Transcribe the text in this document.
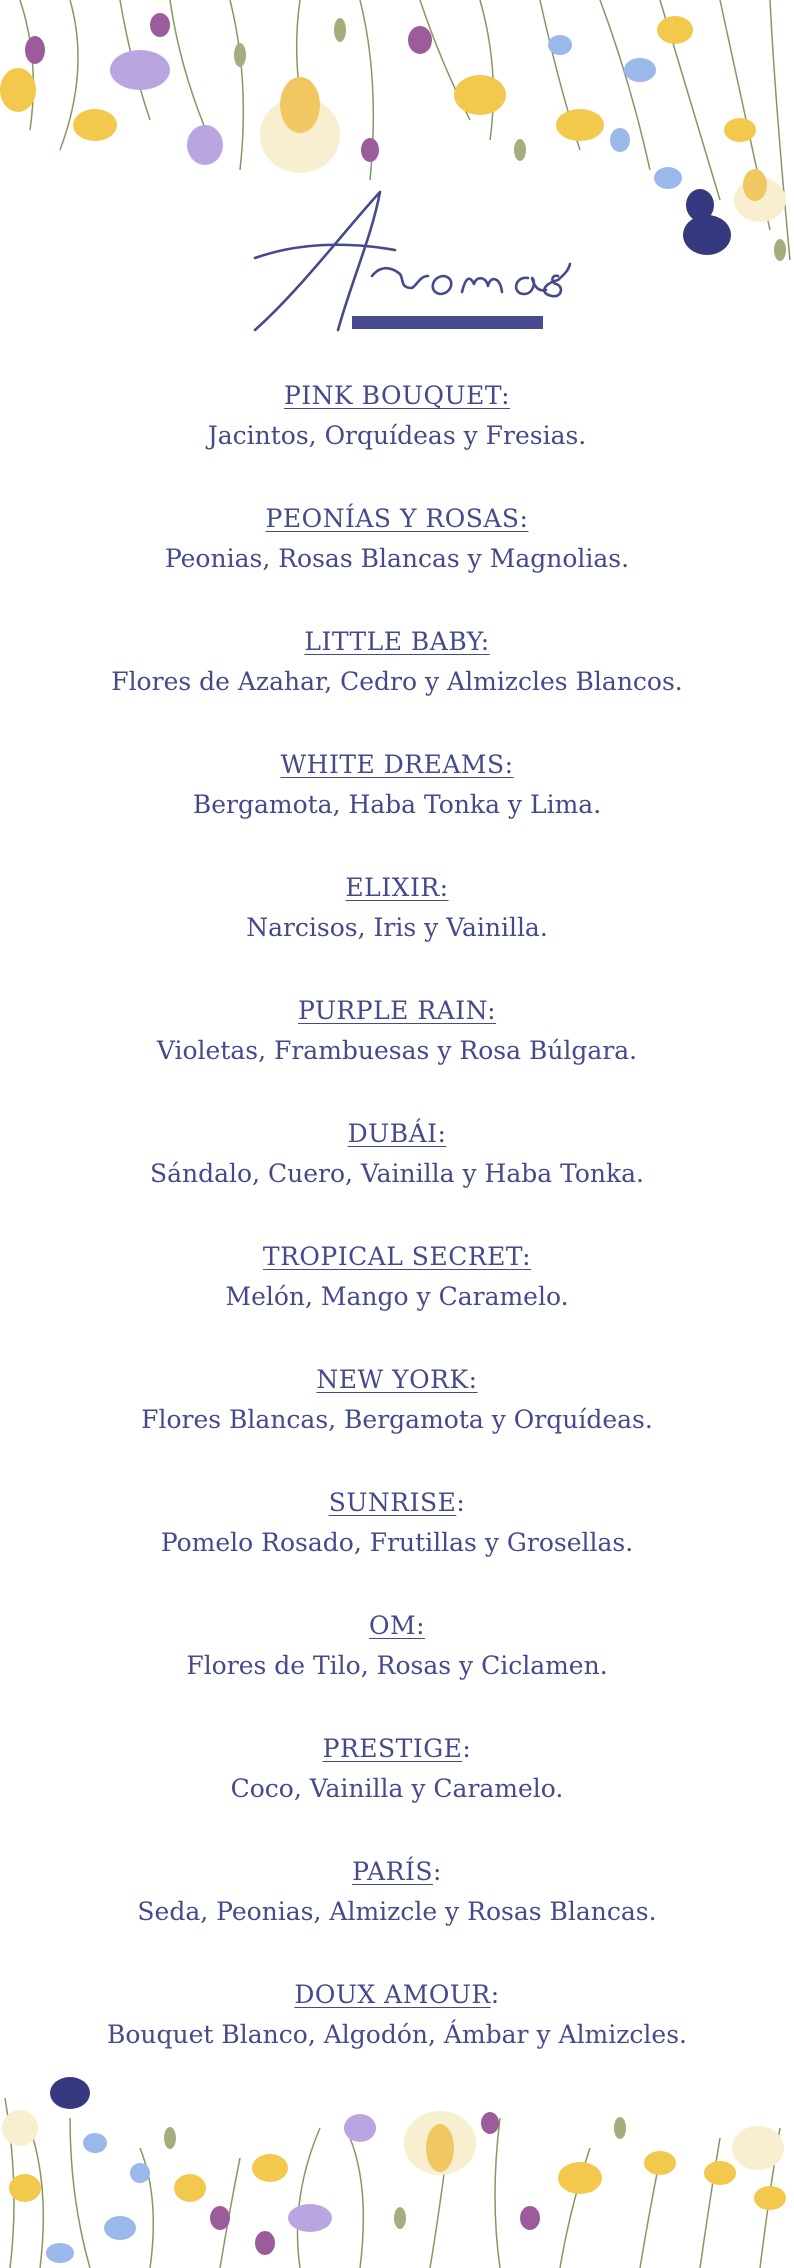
PINK BOUQUET:

Jacintos, Orquídeas y Fresias.

PEONÍAS Y ROSAS:

Peonias, Rosas Blancas y Magnolias.

LITTLE BABY:

Flores de Azahar, Cedro y Almizcles Blancos.

WHITE DREAMS:

Bergamota, Haba Tonka y Lima.

ELIXIR:

Narcisos, Iris y Vainilla.

PURPLE RAIN:

Violetas, Frambuesas y Rosa Búlgara.

DUBÁI:

Sándalo, Cuero, Vainilla y Haba Tonka.

TROPICAL SECRET:

Melón, Mango y Caramelo.

NEW YORK:

Flores Blancas, Bergamota y Orquídeas.

SUNRISE:

Pomelo Rosado, Frutillas y Grosellas.

OM:

Flores de Tilo, Rosas y Ciclamen.

PRESTIGE:

Coco, Vainilla y Caramelo.

PARÍS:

Seda, Peonias, Almizcle y Rosas Blancas.

DOUX AMOUR:

Bouquet Blanco, Algodón, Ámbar y Almizcles.
